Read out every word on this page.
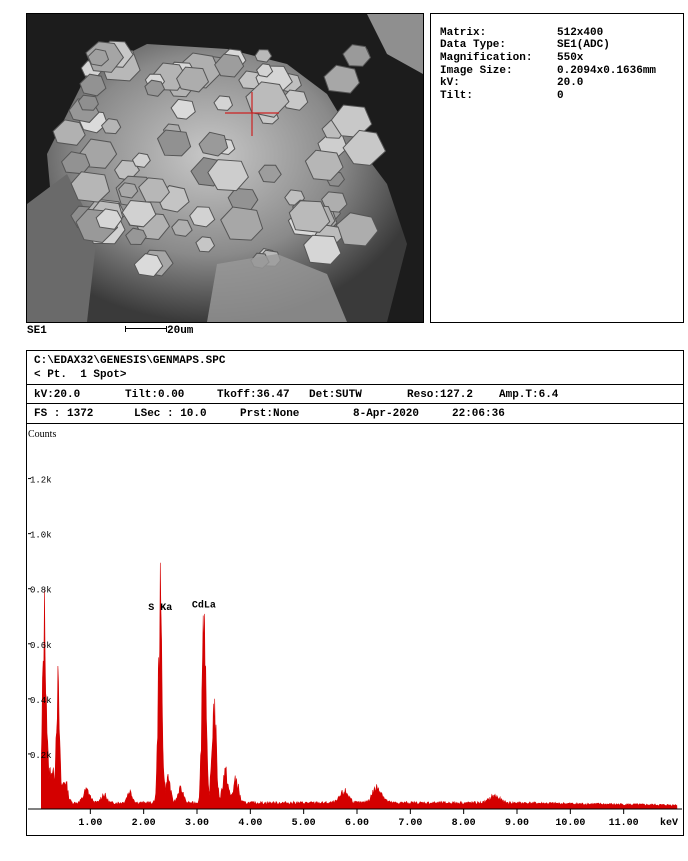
SE1	20um
Matrix:	512x400
Data Type:	SE1(ADC)
Magnification: 550x
Image Size:	0.2094x0.1636mm
kV:	20.0
Tilt:	0
C:\EDAX32\GENESIS\GENMAPS.SPC
< Pt.  1 Spot>
kV:20.0	Tilt:0.00	Tkoff:36.47 Det:SUTW	Reso:127.2 Amp.T:6.4
FS : 1372	LSec : 10.0	Prst:None	8-Apr-2020	22:06:36
Counts
0.2k
0.4k
0.6k
0.8k
1.0k
1.2k
1.00	2.00	3.00	4.00	5.00	6.00	7.00	8.00	9.00	10.00 11.00 keV
S Ka CdLa
